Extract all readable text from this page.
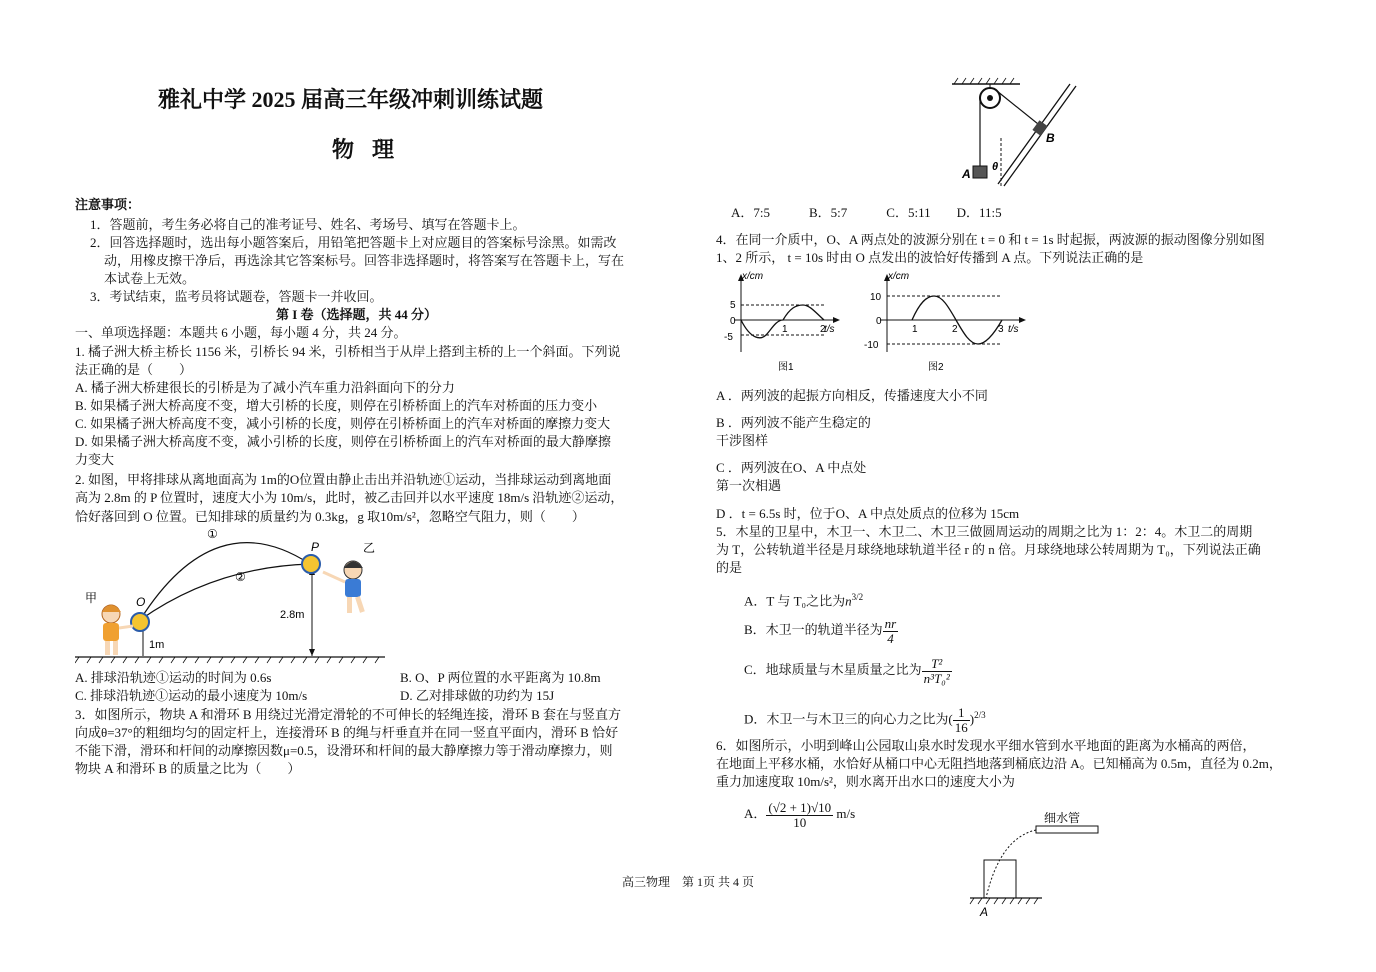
雅礼中学 2025 届高三年级冲刺训练试题
物理
注意事项：
1．答题前，考生务必将自己的准考证号、姓名、考场号、填写在答题卡上。
2．回答选择题时，选出每小题答案后，用铅笔把答题卡上对应题目的答案标号涂黑。如需改
动，用橡皮擦干净后，再选涂其它答案标号。回答非选择题时，将答案写在答题卡上，写在
本试卷上无效。
3．考试结束，监考员将试题卷，答题卡一并收回。
第 I 卷（选择题，共 44 分）
一、单项选择题：本题共 6 小题，每小题 4 分，共 24 分。
1. 橘子洲大桥主桥长 1156 米，引桥长 94 米，引桥相当于从岸上搭到主桥的上一个斜面。下列说
法正确的是（　　）
A. 橘子洲大桥建很长的引桥是为了减小汽车重力沿斜面向下的分力
B. 如果橘子洲大桥高度不变，增大引桥的长度，则停在引桥桥面上的汽车对桥面的压力变小
C. 如果橘子洲大桥高度不变，减小引桥的长度，则停在引桥桥面上的汽车对桥面的摩擦力变大
D. 如果橘子洲大桥高度不变，减小引桥的长度，则停在引桥桥面上的汽车对桥面的最大静摩擦
力变大
2. 如图，甲将排球从离地面高为 1m的O位置由静止击出并沿轨迹①运动，当排球运动到离地面
高为 2.8m 的 P 位置时，速度大小为 10m/s，此时，被乙击回并以水平速度 18m/s 沿轨迹②运动，
恰好落回到 O 位置。已知排球的质量约为 0.3kg，g 取10m/s²，忽略空气阻力，则（　　）
①
②
1m
2.8m
O
P
甲
乙
A. 排球沿轨迹①运动的时间为 0.6s	B. O、P 两位置的水平距离为 10.8m
C. 排球沿轨迹①运动的最小速度为 10m/s	D. 乙对排球做的功约为 15J
3．如图所示，物块 A 和滑环 B 用绕过光滑定滑轮的不可伸长的轻绳连接，滑环 B 套在与竖直方
向成θ=37°的粗细均匀的固定杆上，连接滑环 B 的绳与杆垂直并在同一竖直平面内，滑环 B 恰好
不能下滑，滑环和杆间的动摩擦因数μ=0.5，设滑环和杆间的最大静摩擦力等于滑动摩擦力，则
物块 A 和滑环 B 的质量之比为（　　）
A
B
θ
A．7:5　　　B．5:7　　　C．5:11　　D．11:5
4．在同一介质中，O、A 两点处的波源分别在 t = 0 和 t = 1s 时起振，两波源的振动图像分别如图
1、2 所示， t = 10s 时由 O 点发出的波恰好传播到 A 点。下列说法正确的是
x/cm
t/s
5
0
-5
1	2
图1
x/cm
t/s
10
0
-10
1	2	3
图2
A ．两列波的起振方向相反，传播速度大小不同
B ．两列波不能产生稳定的
干涉图样
C ．两列波在O、A 中点处
第一次相遇
D ．t = 6.5s 时，位于O、A 中点处质点的位移为 15cm
5．木星的卫星中，木卫一、木卫二、木卫三做圆周运动的周期之比为 1：2：4。木卫二的周期
为 T，公转轨道半径是月球绕地球轨道半径 r 的 n 倍。月球绕地球公转周期为 T₀，下列说法正确
的是
A．T 与 T₀之比为$n^{3/2}$
B．木卫一的轨道半径为 $\frac{nr}{4}$
C．地球质量与木星质量之比为 $\frac{\text{T²}}{\text{n³T₀²}}$
D．木卫一与木卫三的向心力之比为( $\frac{1}{16} )^{2/3}$
6．如图所示，小明到峰山公园取山泉水时发现水平细水管到水平地面的距离为水桶高的两倍，
在地面上平移水桶，水恰好从桶口中心无阻挡地落到桶底边沿 A。已知桶高为 0.5m，直径为 0.2m，
重力加速度取 10m/s²，则水离开出水口的速度大小为
A． $\frac{(√2 + 1)√10}{10} m/s$	细水管
A
高三物理　第 1页 共 4 页
